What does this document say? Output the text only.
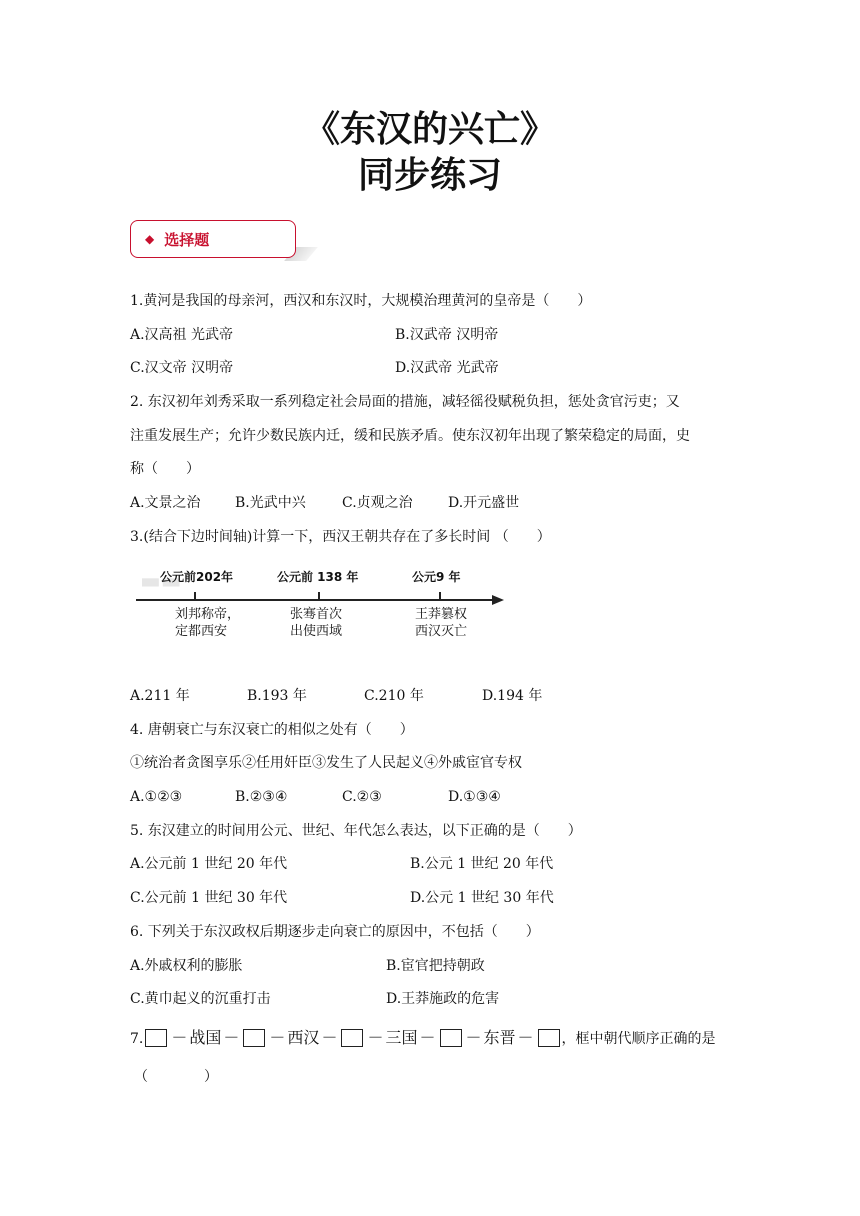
《东汉的兴亡》
同步练习
◆ 选择题
1.黄河是我国的母亲河，西汉和东汉时，大规模治理黄河的皇帝是（　　）
A.汉高祖 光武帝	B.汉武帝 汉明帝
C.汉文帝 汉明帝	D.汉武帝 光武帝
2. 东汉初年刘秀采取一系列稳定社会局面的措施，减轻徭役赋税负担，惩处贪官污吏；又
注重发展生产；允许少数民族内迁，缓和民族矛盾。使东汉初年出现了繁荣稳定的局面，史
称（　　）
A.文景之治 B.光武中兴	C.贞观之治	D.开元盛世
3.(结合下边时间轴)计算一下，西汉王朝共存在了多长时间 （　　）
▬▬
公元前202年	公元前 138 年	公元9 年
刘邦称帝，
定都西安
张骞首次
出使西域
王莽篡权
西汉灭亡
A.211 年	B.193 年	C.210 年	D.194 年
4. 唐朝衰亡与东汉衰亡的相似之处有（　　）
①统治者贪图享乐②任用奸臣③发生了人民起义④外戚宦官专权
A.①②③	B.②③④	C.②③	D.①③④
5. 东汉建立的时间用公元、世纪、年代怎么表达，以下正确的是（　　）
A.公元前 1 世纪 20 年代	B.公元 1 世纪 20 年代
C.公元前 1 世纪 30 年代	D.公元 1 世纪 30 年代
6. 下列关于东汉政权后期逐步走向衰亡的原因中，不包括（　　）
A.外戚权利的膨胀	B.宦官把持朝政
C.黄巾起义的沉重打击	D.王莽施政的危害
7. － 战国 － － 西汉 － － 三国 － － 东晋 － ，框中朝代顺序正确的是
（　　　　）
